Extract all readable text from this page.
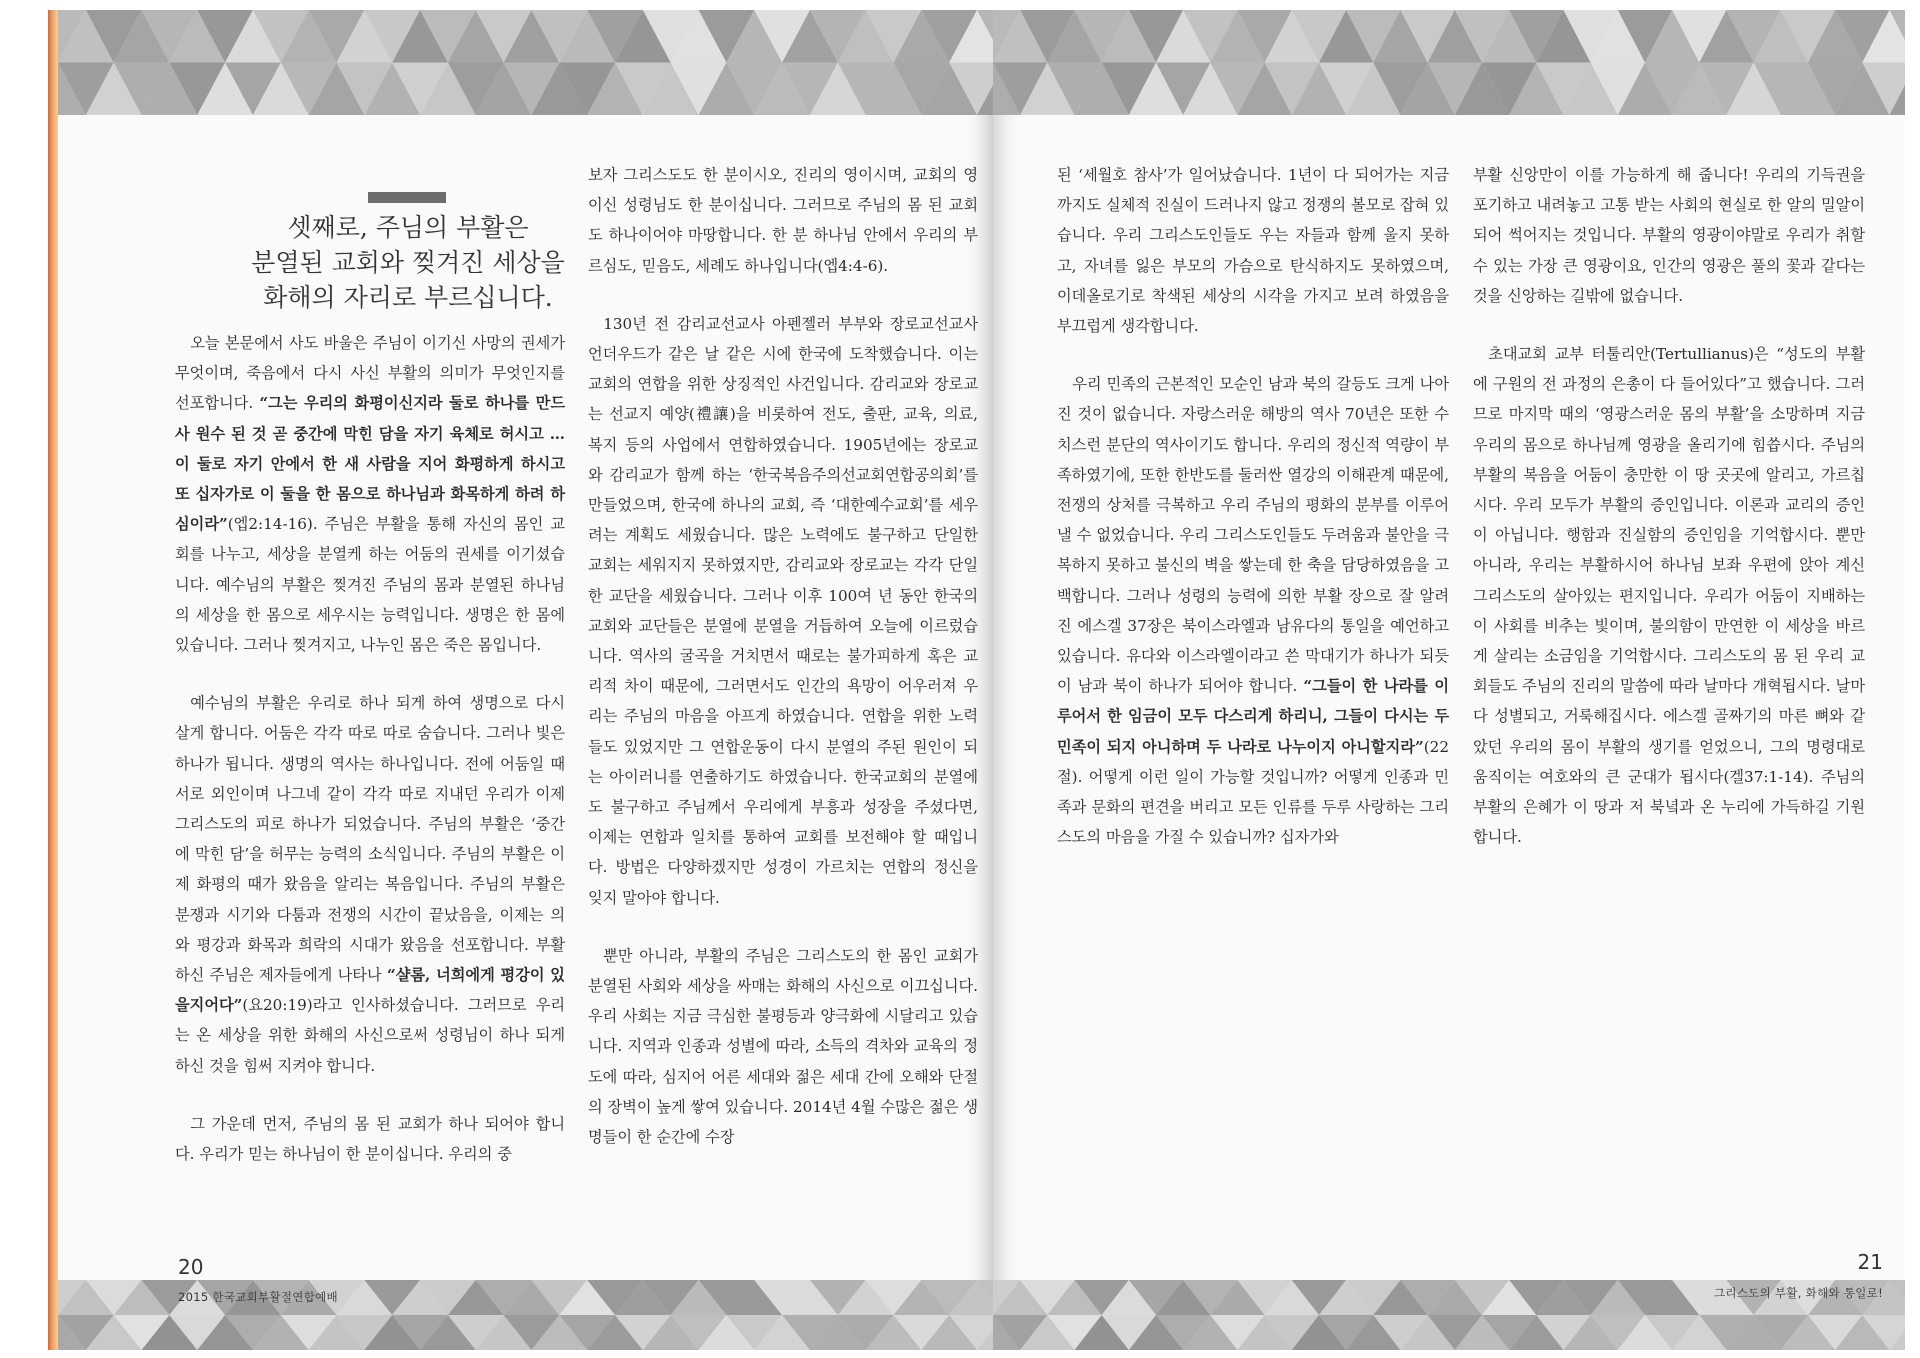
셋째로, 주님의 부활은
분열된 교회와 찢겨진 세상을
화해의 자리로 부르십니다.

오늘 본문에서 사도 바울은 주님이 이기신 사망의 권세가 무엇이며, 죽음에서 다시 사신 부활의 의미가 무엇인지를 선포합니다. “그는 우리의 화평이신지라 둘로 하나를 만드사 원수 된 것 곧 중간에 막힌 담을 자기 육체로 허시고 … 이 둘로 자기 안에서 한 새 사람을 지어 화평하게 하시고 또 십자가로 이 둘을 한 몸으로 하나님과 화목하게 하려 하심이라”(엡2:14-16). 주님은 부활을 통해 자신의 몸인 교회를 나누고, 세상을 분열케 하는 어둠의 권세를 이기셨습니다. 예수님의 부활은 찢겨진 주님의 몸과 분열된 하나님의 세상을 한 몸으로 세우시는 능력입니다. 생명은 한 몸에 있습니다. 그러나 찢겨지고, 나누인 몸은 죽은 몸입니다.

예수님의 부활은 우리로 하나 되게 하여 생명으로 다시 살게 합니다. 어둠은 각각 따로 따로 숨습니다. 그러나 빛은 하나가 됩니다. 생명의 역사는 하나입니다. 전에 어둠일 때 서로 외인이며 나그네 같이 각각 따로 지내던 우리가 이제 그리스도의 피로 하나가 되었습니다. 주님의 부활은 ‘중간에 막힌 담’을 허무는 능력의 소식입니다. 주님의 부활은 이제 화평의 때가 왔음을 알리는 복음입니다. 주님의 부활은 분쟁과 시기와 다툼과 전쟁의 시간이 끝났음을, 이제는 의와 평강과 화목과 희락의 시대가 왔음을 선포합니다. 부활하신 주님은 제자들에게 나타나 “샬롬, 너희에게 평강이 있을지어다”(요20:19)라고 인사하셨습니다. 그러므로 우리는 온 세상을 위한 화해의 사신으로써 성령님이 하나 되게 하신 것을 힘써 지켜야 합니다.

그 가운데 먼저, 주님의 몸 된 교회가 하나 되어야 합니다. 우리가 믿는 하나님이 한 분이십니다. 우리의 중

보자 그리스도도 한 분이시오, 진리의 영이시며, 교회의 영이신 성령님도 한 분이십니다. 그러므로 주님의 몸 된 교회도 하나이어야 마땅합니다. 한 분 하나님 안에서 우리의 부르심도, 믿음도, 세례도 하나입니다(엡4:4-6).

130년 전 감리교선교사 아펜젤러 부부와 장로교선교사 언더우드가 같은 날 같은 시에 한국에 도착했습니다. 이는 교회의 연합을 위한 상징적인 사건입니다. 감리교와 장로교는 선교지 예양(禮讓)을 비롯하여 전도, 출판, 교육, 의료, 복지 등의 사업에서 연합하였습니다. 1905년에는 장로교와 감리교가 함께 하는 ‘한국복음주의선교회연합공의회’를 만들었으며, 한국에 하나의 교회, 즉 ‘대한예수교회’를 세우려는 계획도 세웠습니다. 많은 노력에도 불구하고 단일한 교회는 세워지지 못하였지만, 감리교와 장로교는 각각 단일한 교단을 세웠습니다. 그러나 이후 100여 년 동안 한국의 교회와 교단들은 분열에 분열을 거듭하여 오늘에 이르렀습니다. 역사의 굴곡을 거치면서 때로는 불가피하게 혹은 교리적 차이 때문에, 그러면서도 인간의 욕망이 어우러져 우리는 주님의 마음을 아프게 하였습니다. 연합을 위한 노력들도 있었지만 그 연합운동이 다시 분열의 주된 원인이 되는 아이러니를 연출하기도 하였습니다. 한국교회의 분열에도 불구하고 주님께서 우리에게 부흥과 성장을 주셨다면, 이제는 연합과 일치를 통하여 교회를 보전해야 할 때입니다. 방법은 다양하겠지만 성경이 가르치는 연합의 정신을 잊지 말아야 합니다.

뿐만 아니라, 부활의 주님은 그리스도의 한 몸인 교회가 분열된 사회와 세상을 싸매는 화해의 사신으로 이끄십니다. 우리 사회는 지금 극심한 불평등과 양극화에 시달리고 있습니다. 지역과 인종과 성별에 따라, 소득의 격차와 교육의 정도에 따라, 심지어 어른 세대와 젊은 세대 간에 오해와 단절의 장벽이 높게 쌓여 있습니다. 2014년 4월 수많은 젊은 생명들이 한 순간에 수장

20
2015 한국교회부활절연합예배

된 ‘세월호 참사’가 일어났습니다. 1년이 다 되어가는 지금까지도 실체적 진실이 드러나지 않고 정쟁의 볼모로 잡혀 있습니다. 우리 그리스도인들도 우는 자들과 함께 울지 못하고, 자녀를 잃은 부모의 가슴으로 탄식하지도 못하였으며, 이데올로기로 착색된 세상의 시각을 가지고 보려 하였음을 부끄럽게 생각합니다.

우리 민족의 근본적인 모순인 남과 북의 갈등도 크게 나아진 것이 없습니다. 자랑스러운 해방의 역사 70년은 또한 수치스런 분단의 역사이기도 합니다. 우리의 정신적 역량이 부족하였기에, 또한 한반도를 둘러싼 열강의 이해관계 때문에, 전쟁의 상처를 극복하고 우리 주님의 평화의 분부를 이루어낼 수 없었습니다. 우리 그리스도인들도 두려움과 불안을 극복하지 못하고 불신의 벽을 쌓는데 한 축을 담당하였음을 고백합니다. 그러나 성령의 능력에 의한 부활 장으로 잘 알려진 에스겔 37장은 북이스라엘과 남유다의 통일을 예언하고 있습니다. 유다와 이스라엘이라고 쓴 막대기가 하나가 되듯이 남과 북이 하나가 되어야 합니다. “그들이 한 나라를 이루어서 한 임금이 모두 다스리게 하리니, 그들이 다시는 두 민족이 되지 아니하며 두 나라로 나누이지 아니할지라”(22절). 어떻게 이런 일이 가능할 것입니까? 어떻게 인종과 민족과 문화의 편견을 버리고 모든 인류를 두루 사랑하는 그리스도의 마음을 가질 수 있습니까? 십자가와

부활 신앙만이 이를 가능하게 해 줍니다! 우리의 기득권을 포기하고 내려놓고 고통 받는 사회의 현실로 한 알의 밀알이 되어 썩어지는 것입니다. 부활의 영광이야말로 우리가 취할 수 있는 가장 큰 영광이요, 인간의 영광은 풀의 꽃과 같다는 것을 신앙하는 길밖에 없습니다.

초대교회 교부 터툴리안(Tertullianus)은 “성도의 부활에 구원의 전 과정의 은총이 다 들어있다”고 했습니다. 그러므로 마지막 때의 ‘영광스러운 몸의 부활’을 소망하며 지금 우리의 몸으로 하나님께 영광을 올리기에 힘씁시다. 주님의 부활의 복음을 어둠이 충만한 이 땅 곳곳에 알리고, 가르칩시다. 우리 모두가 부활의 증인입니다. 이론과 교리의 증인이 아닙니다. 행함과 진실함의 증인임을 기억합시다. 뿐만 아니라, 우리는 부활하시어 하나님 보좌 우편에 앉아 계신 그리스도의 살아있는 편지입니다. 우리가 어둠이 지배하는 이 사회를 비추는 빛이며, 불의함이 만연한 이 세상을 바르게 살리는 소금임을 기억합시다. 그리스도의 몸 된 우리 교회들도 주님의 진리의 말씀에 따라 날마다 개혁됩시다. 날마다 성별되고, 거룩해집시다. 에스겔 골짜기의 마른 뼈와 같았던 우리의 몸이 부활의 생기를 얻었으니, 그의 명령대로 움직이는 여호와의 큰 군대가 됩시다(겔37:1-14). 주님의 부활의 은혜가 이 땅과 저 북녘과 온 누리에 가득하길 기원합니다.

21
그리스도의 부활, 화해와 통일로!
